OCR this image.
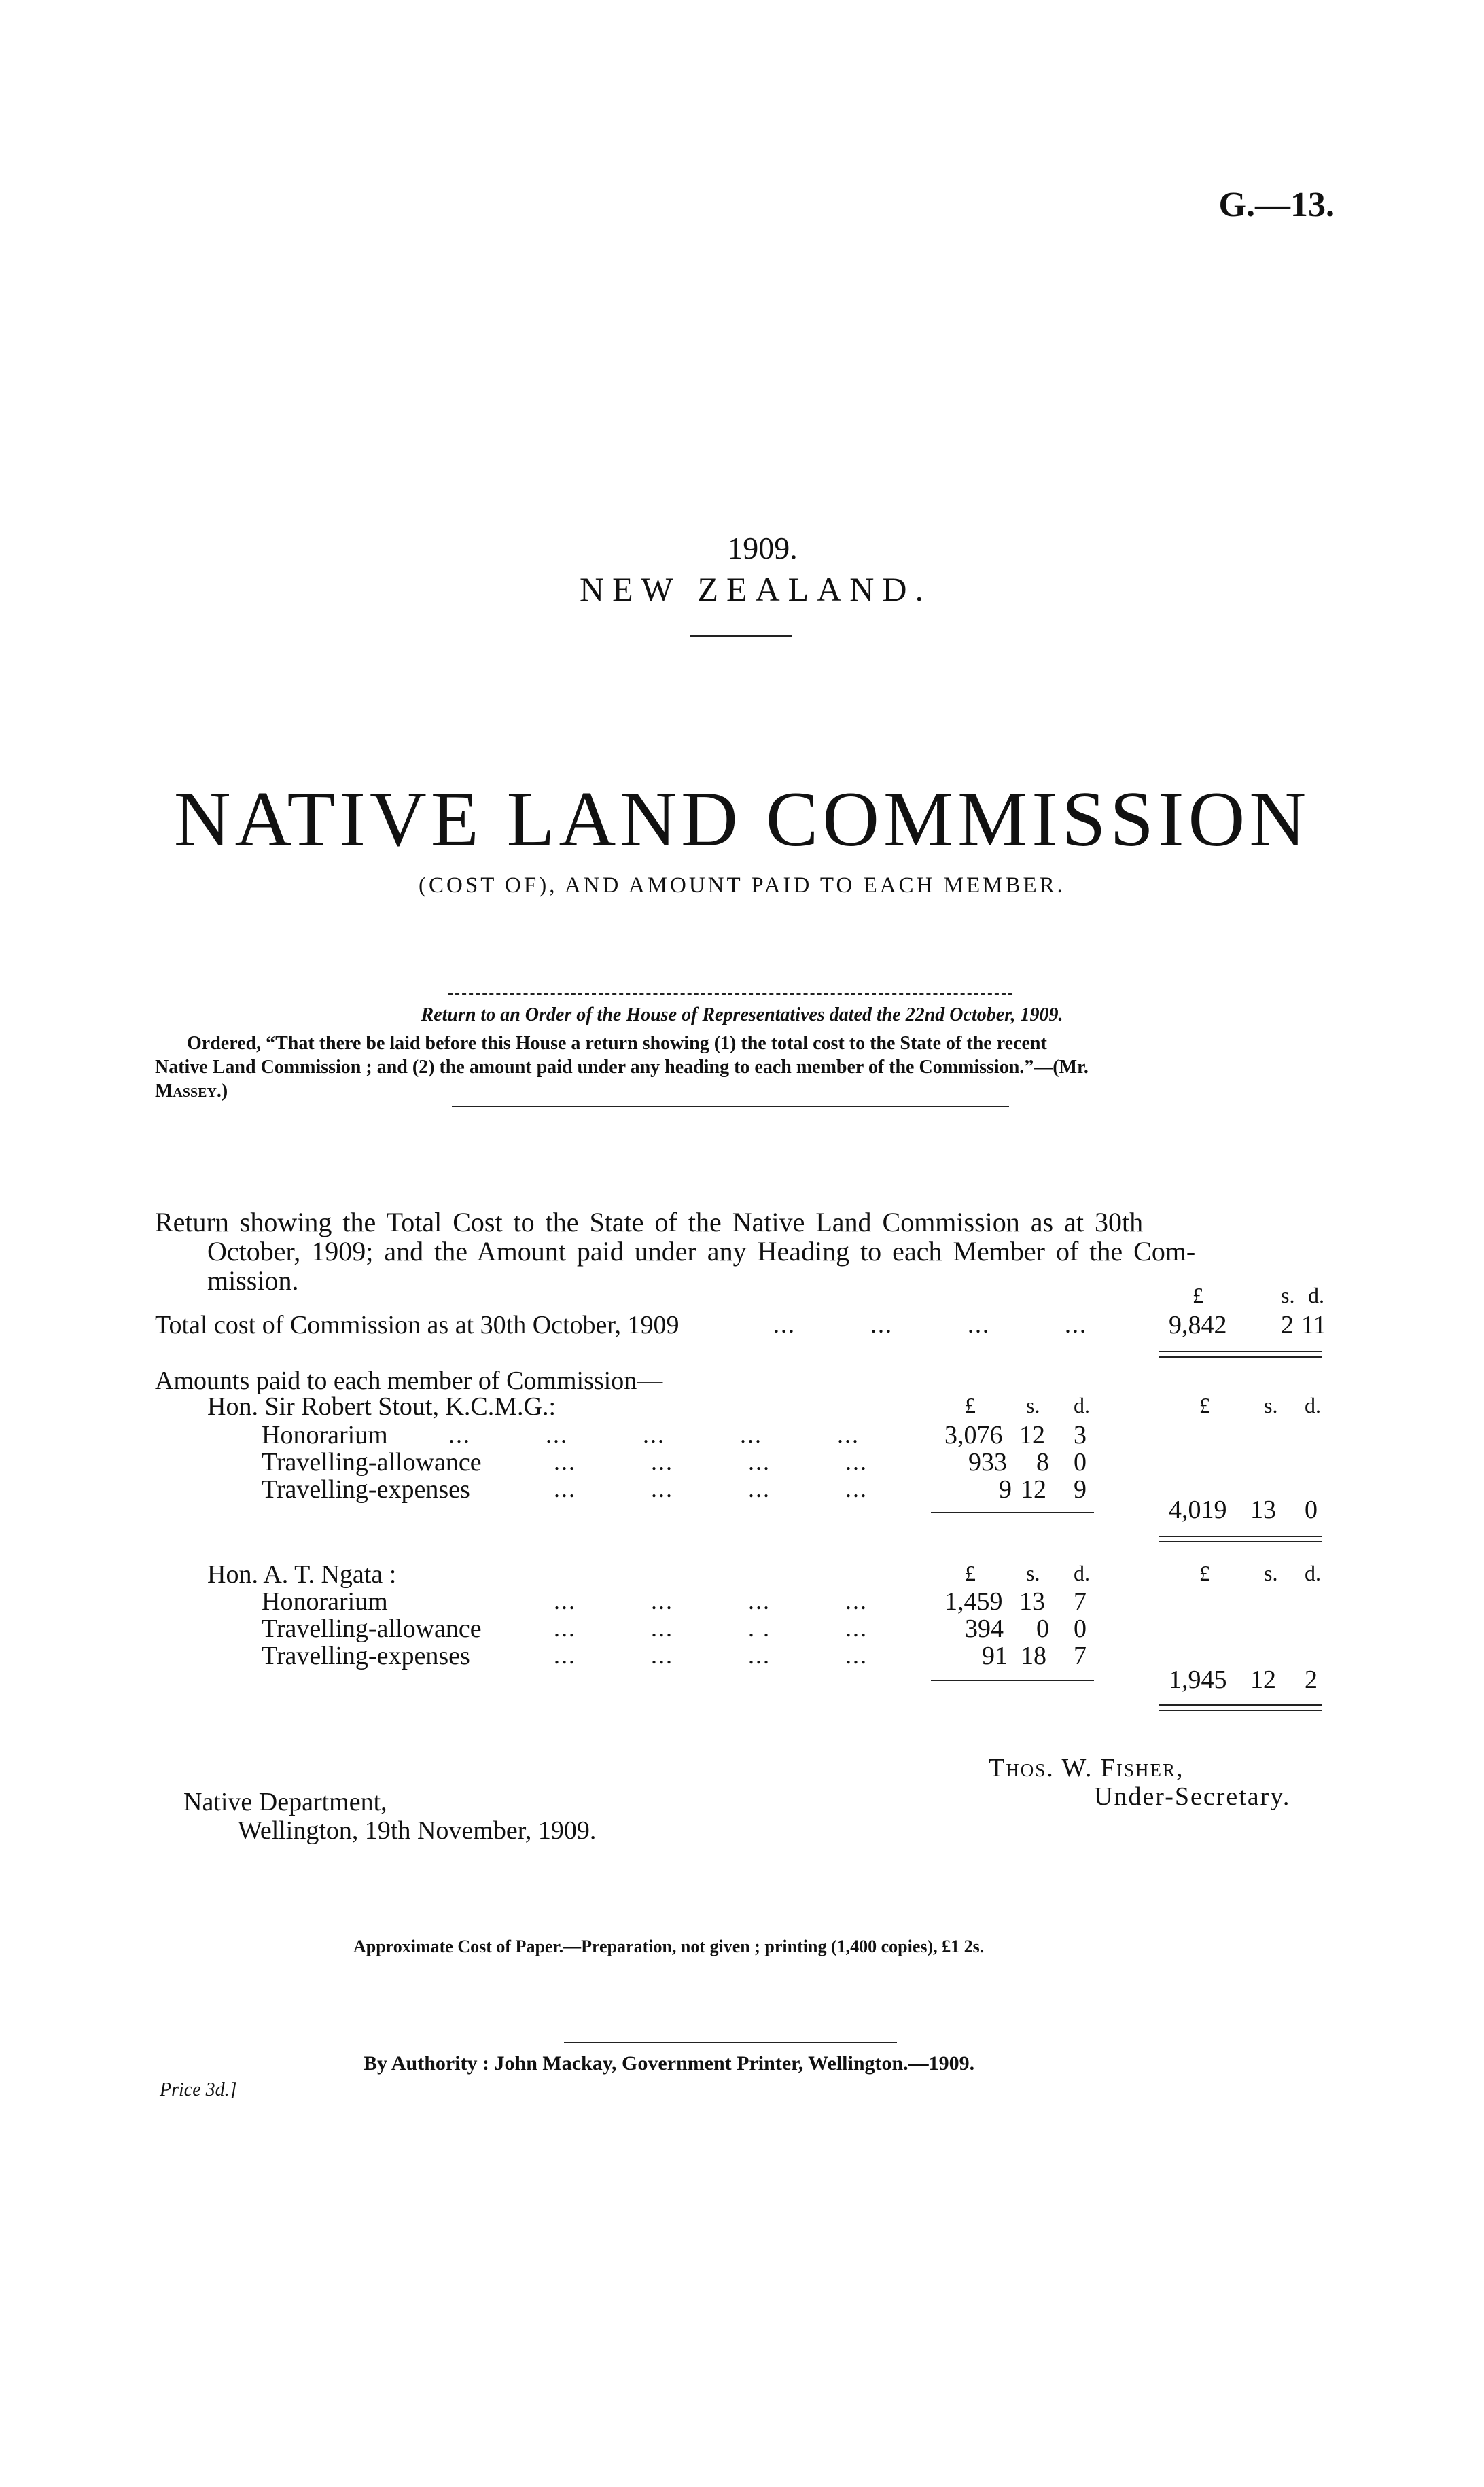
G.—13.
1909.
NEW ZEALAND.
NATIVE LAND COMMISSION
(COST OF), AND AMOUNT PAID TO EACH MEMBER.
Return to an Order of the House of Representatives dated the 22nd October, 1909.
Ordered, “That there be laid before this House a return showing (1) the total cost to the State of the recent
Native Land Commission ; and (2) the amount paid under any heading to each member of the Commission.”—(Mr.
Massey.)
Return showing the Total Cost to the State of the Native Land Commission as at 30th
October, 1909; and the Amount paid under any Heading to each Member of the Com-
mission.	£	s. d.
Total cost of Commission as at 30th October, 1909	...          ...          ...          ...	9,842 2 11
Amounts paid to each member of Commission—
Hon. Sir Robert Stout, K.C.M.G.:	£ s. d.	£ s. d.
Honorarium ...          ...          ...          ...          ...	3,076 12 3
Travelling-allowance	...          ...          ...          ...	933 8 0
Travelling-expenses	...          ...          ...          ...	9 12 9
4,019 13 0
Hon. A. T. Ngata :	£ s. d.	£ s. d.
Honorarium	...          ...          ...          ...	1,459 13 7
Travelling-allowance	...          ...          . .          ...	394 0 0
Travelling-expenses	...          ...          ...          ...	91 18 7
1,945 12 2
Thos. W. Fisher,
Under-Secretary.
Native Department,
Wellington, 19th November, 1909.
Approximate Cost of Paper.—Preparation, not given ; printing (1,400 copies), £1 2s.
By Authority : John Mackay, Government Printer, Wellington.—1909.
Price 3d.]
